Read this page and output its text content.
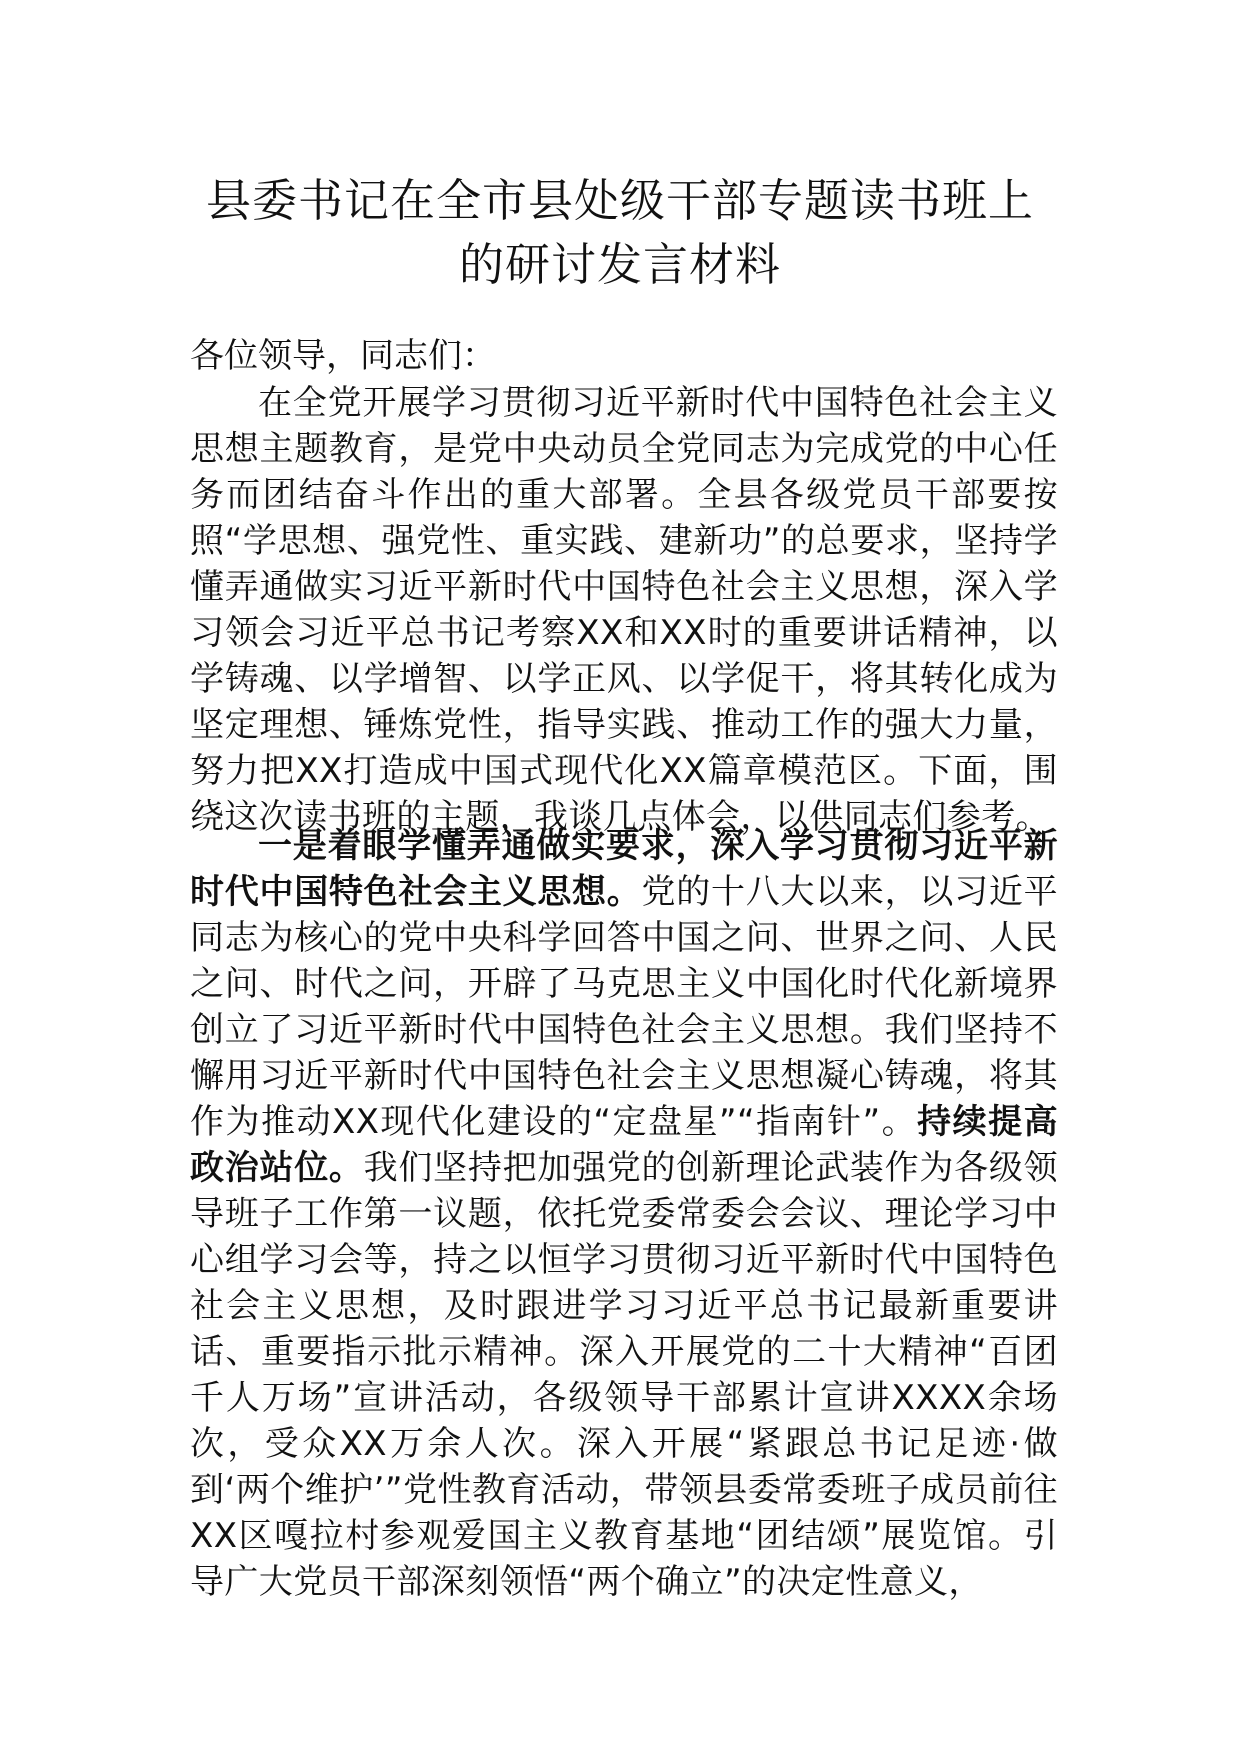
县委书记在全市县处级干部专题读书班上
的研讨发言材料

各位领导，同志们：

在全党开展学习贯彻习近平新时代中国特色社会主义思想主题教育，是党中央动员全党同志为完成党的中心任务而团结奋斗作出的重大部署。全县各级党员干部要按照“学思想、强党性、重实践、建新功”的总要求，坚持学懂弄通做实习近平新时代中国特色社会主义思想，深入学习领会习近平总书记考察XX和XX时的重要讲话精神，以学铸魂、以学增智、以学正风、以学促干，将其转化成为坚定理想、锤炼党性，指导实践、推动工作的强大力量，努力把XX打造成中国式现代化XX篇章模范区。下面，围绕这次读书班的主题，我谈几点体会，以供同志们参考。

一是着眼学懂弄通做实要求，深入学习贯彻习近平新时代中国特色社会主义思想。党的十八大以来，以习近平同志为核心的党中央科学回答中国之问、世界之问、人民之问、时代之问，开辟了马克思主义中国化时代化新境界创立了习近平新时代中国特色社会主义思想。我们坚持不懈用习近平新时代中国特色社会主义思想凝心铸魂，将其作为推动XX现代化建设的“定盘星”“指南针”。持续提高政治站位。我们坚持把加强党的创新理论武装作为各级领导班子工作第一议题，依托党委常委会会议、理论学习中心组学习会等，持之以恒学习贯彻习近平新时代中国特色社会主义思想，及时跟进学习习近平总书记最新重要讲话、重要指示批示精神。深入开展党的二十大精神“百团千人万场”宣讲活动，各级领导干部累计宣讲XXXX余场次，受众XX万余人次。深入开展“紧跟总书记足迹·做到‘两个维护’”党性教育活动，带领县委常委班子成员前往XX区嘎拉村参观爱国主义教育基地“团结颂”展览馆。引导广大党员干部深刻领悟“两个确立”的决定性意义，
